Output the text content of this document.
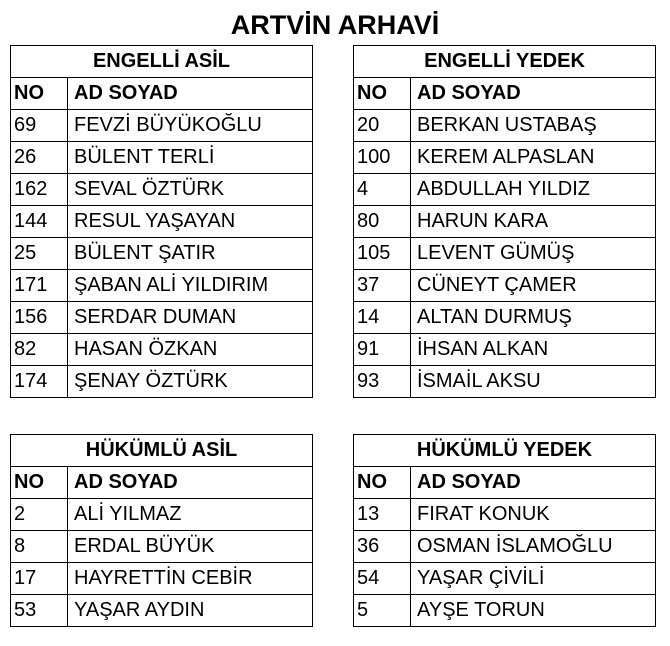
ARTVİN ARHAVİ
ENGELLİ ASİL	
NO	AD SOYAD
69	FEVZİ BÜYÜKOĞLU
26	BÜLENT TERLİ
162	SEVAL ÖZTÜRK
144	RESUL YAŞAYAN
25	BÜLENT ŞATIR
171	ŞABAN ALİ YILDIRIM
156	SERDAR DUMAN
82	HASAN ÖZKAN
174	ŞENAY ÖZTÜRK
ENGELLİ YEDEK	
NO	AD SOYAD
20	BERKAN USTABAŞ
100	KEREM ALPASLAN
4	ABDULLAH YILDIZ
80	HARUN KARA
105	LEVENT GÜMÜŞ
37	CÜNEYT ÇAMER
14	ALTAN DURMUŞ
91	İHSAN ALKAN
93	İSMAİL AKSU
HÜKÜMLÜ ASİL	
NO	AD SOYAD
2	ALİ YILMAZ
8	ERDAL BÜYÜK
17	HAYRETTİN CEBİR
53	YAŞAR AYDIN
HÜKÜMLÜ YEDEK	
NO	AD SOYAD
13	FIRAT KONUK
36	OSMAN İSLAMOĞLU
54	YAŞAR ÇİVİLİ
5	AYŞE TORUN
